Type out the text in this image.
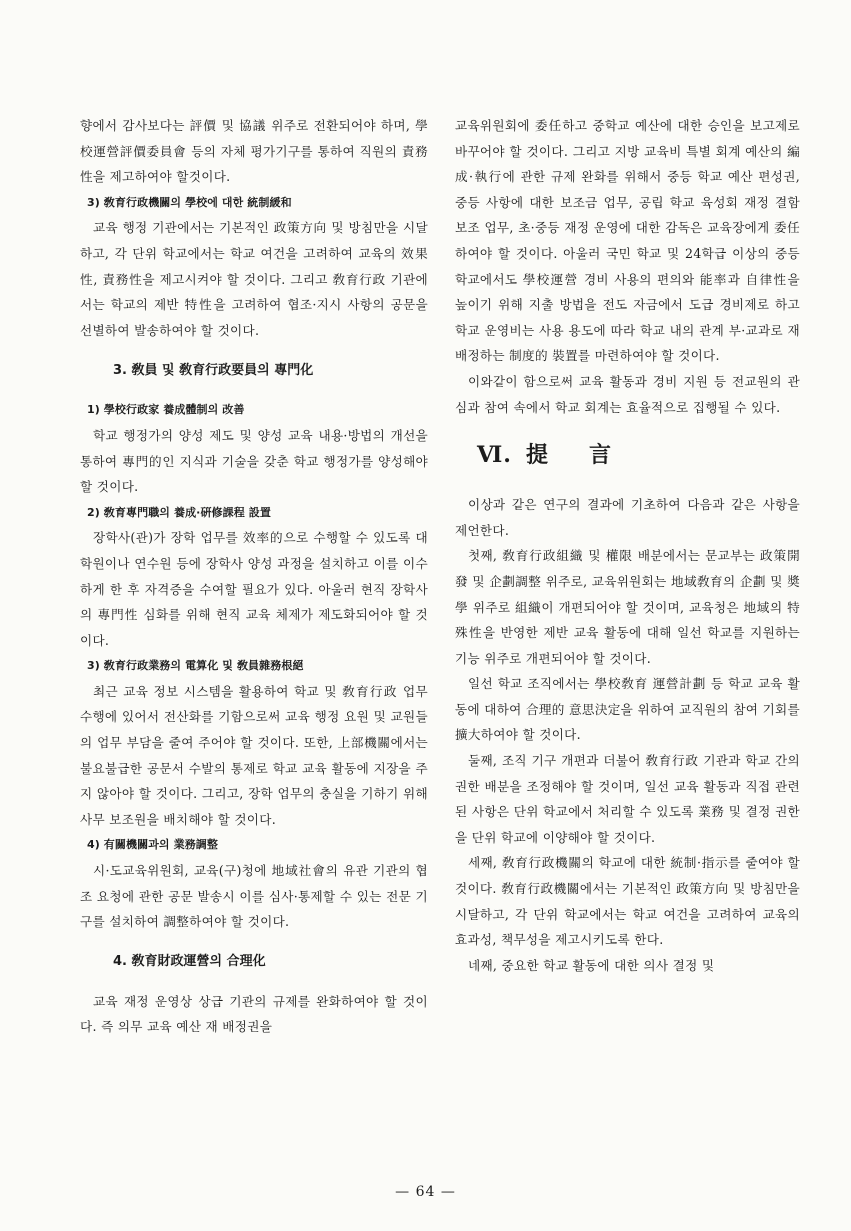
향에서 감사보다는 評價 및 協議 위주로 전환되어야 하며, 學校運營評價委員會 등의 자체 평가기구를 통하여 직원의 責務性을 제고하여야 할것이다.

3) 敎育行政機關의 學校에 대한 統制緩和

교육 행정 기관에서는 기본적인 政策方向 및 방침만을 시달하고, 각 단위 학교에서는 학교 여건을 고려하여 교육의 效果性, 責務性을 제고시켜야 할 것이다. 그리고 敎育行政 기관에서는 학교의 제반 特性을 고려하여 협조·지시 사항의 공문을 선별하여 발송하여야 할 것이다.

3. 敎員 및 敎育行政要員의 專門化

1) 學校行政家 養成體制의 改善

학교 행정가의 양성 제도 및 양성 교육 내용·방법의 개선을 통하여 專門的인 지식과 기술을 갖춘 학교 행정가를 양성해야 할 것이다.

2) 敎育專門職의 養成·硏修課程 設置

장학사(관)가 장학 업무를 效率的으로 수행할 수 있도록 대학원이나 연수원 등에 장학사 양성 과정을 설치하고 이를 이수하게 한 후 자격증을 수여할 필요가 있다. 아울러 현직 장학사의 專門性 심화를 위해 현직 교육 체제가 제도화되어야 할 것이다.

3) 敎育行政業務의 電算化 및 敎員雜務根絕

최근 교육 정보 시스템을 활용하여 학교 및 敎育行政 업무 수행에 있어서 전산화를 기함으로써 교육 행정 요원 및 교원들의 업무 부담을 줄여 주어야 할 것이다. 또한, 上部機關에서는 불요불급한 공문서 수발의 통제로 학교 교육 활동에 지장을 주지 않아야 할 것이다. 그리고, 장학 업무의 충실을 기하기 위해 사무 보조원을 배치해야 할 것이다.

4) 有關機關과의 業務調整

시·도교육위원회, 교육(구)청에 地域社會의 유관 기관의 협조 요청에 관한 공문 발송시 이를 심사·통제할 수 있는 전문 기구를 설치하여 調整하여야 할 것이다.

4. 敎育財政運營의 合理化

교육 재정 운영상 상급 기관의 규제를 완화하여야 할 것이다. 즉 의무 교육 예산 재 배정권을

교육위원회에 委任하고 중학교 예산에 대한 승인을 보고제로 바꾸어야 할 것이다. 그리고 지방 교육비 특별 회계 예산의 編成·執行에 관한 규제 완화를 위해서 중등 학교 예산 편성권, 중등 사항에 대한 보조금 업무, 공립 학교 육성회 재정 결함 보조 업무, 초·중등 재정 운영에 대한 감독은 교육장에게 委任하여야 할 것이다. 아울러 국민 학교 및 24학급 이상의 중등 학교에서도 學校運營 경비 사용의 편의와 能率과 自律性을 높이기 위해 지출 방법을 전도 자금에서 도급 경비제로 하고 학교 운영비는 사용 용도에 따라 학교 내의 관계 부·교과로 재 배정하는 制度的 裝置를 마련하여야 할 것이다.

이와같이 함으로써 교육 활동과 경비 지원 등 전교원의 관심과 참여 속에서 학교 회계는 효율적으로 집행될 수 있다.

Ⅵ. 提 言

이상과 같은 연구의 결과에 기초하여 다음과 같은 사항을 제언한다.

첫째, 敎育行政組織 및 權限 배분에서는 문교부는 政策開發 및 企劃調整 위주로, 교육위원회는 地域敎育의 企劃 및 奬學 위주로 組織이 개편되어야 할 것이며, 교육청은 地域의 特殊性을 반영한 제반 교육 활동에 대해 일선 학교를 지원하는 기능 위주로 개편되어야 할 것이다.

일선 학교 조직에서는 學校敎育 運營計劃 등 학교 교육 활동에 대하여 合理的 意思決定을 위하여 교직원의 참여 기회를 擴大하여야 할 것이다.

둘째, 조직 기구 개편과 더불어 敎育行政 기관과 학교 간의 권한 배분을 조정해야 할 것이며, 일선 교육 활동과 직접 관련된 사항은 단위 학교에서 처리할 수 있도록 業務 및 결정 권한을 단위 학교에 이양해야 할 것이다.

세째, 敎育行政機關의 학교에 대한 統制·指示를 줄여야 할 것이다. 敎育行政機關에서는 기본적인 政策方向 및 방침만을 시달하고, 각 단위 학교에서는 학교 여건을 고려하여 교육의 효과성, 책무성을 제고시키도록 한다.

네째, 중요한 학교 활동에 대한 의사 결정 및

— 64 —
